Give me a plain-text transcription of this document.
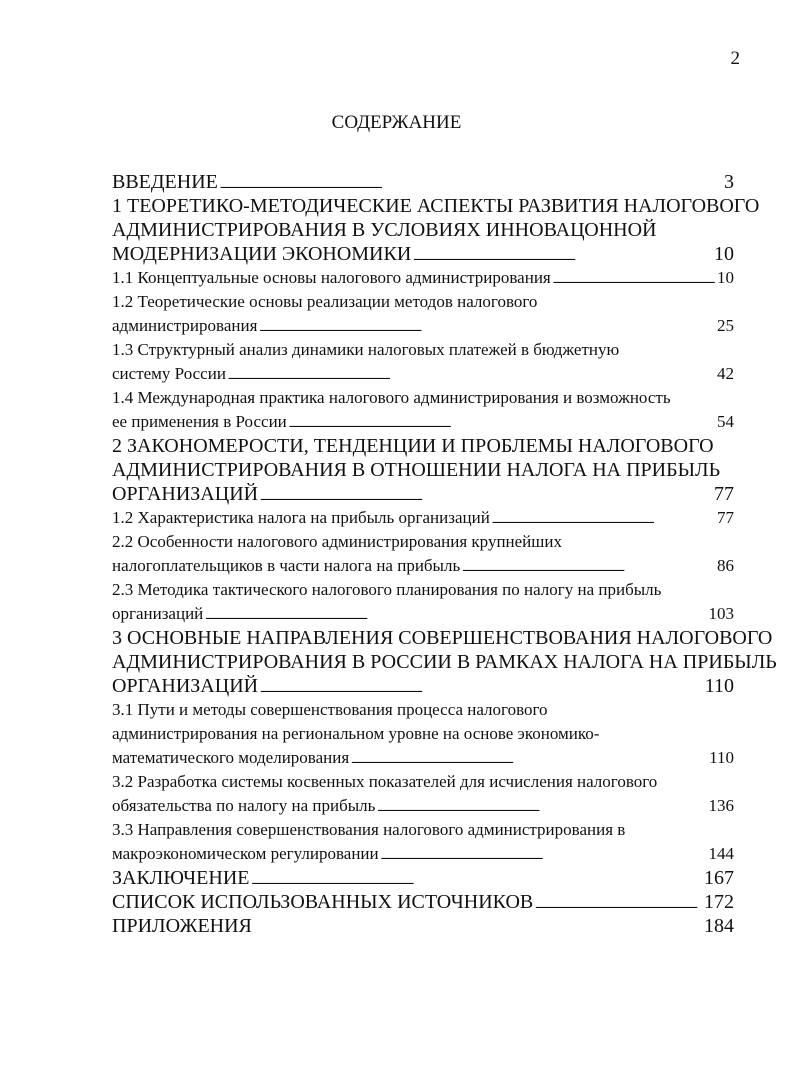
2
СОДЕРЖАНИЕ
ВВЕДЕНИЕ . . .	3
1 ТЕОРЕТИКО-МЕТОДИЧЕСКИЕ АСПЕКТЫ РАЗВИТИЯ НАЛОГОВОГО
АДМИНИСТРИРОВАНИЯ В УСЛОВИЯХ ИННОВАЦОННОЙ
МОДЕРНИЗАЦИИ ЭКОНОМИКИ . . .	10
1.1 Концептуальные основы налогового администрирования . . .	10
1.2 Теоретические основы реализации методов налогового
администрирования . . .	25
1.3 Структурный анализ динамики налоговых платежей в бюджетную
систему России . . .	42
1.4 Международная практика налогового администрирования и возможность
ее применения в России . . .	54
2 ЗАКОНОМЕРОСТИ, ТЕНДЕНЦИИ И ПРОБЛЕМЫ НАЛОГОВОГО
АДМИНИСТРИРОВАНИЯ В ОТНОШЕНИИ НАЛОГА НА ПРИБЫЛЬ
ОРГАНИЗАЦИЙ . . .	77
1.2 Характеристика налога на прибыль организаций . . .	77
2.2 Особенности налогового администрирования крупнейших
налогоплательщиков в части налога на прибыль . . .	86
2.3 Методика тактического налогового планирования по налогу на прибыль
организаций . . .	103
3 ОСНОВНЫЕ НАПРАВЛЕНИЯ СОВЕРШЕНСТВОВАНИЯ НАЛОГОВОГО
АДМИНИСТРИРОВАНИЯ В РОССИИ В РАМКАХ НАЛОГА НА ПРИБЫЛЬ
ОРГАНИЗАЦИЙ . . .	110
3.1 Пути и методы совершенствования процесса налогового
администрирования на региональном уровне на основе экономико-
математического моделирования . . .	110
3.2 Разработка системы косвенных показателей для исчисления налогового
обязательства по налогу на прибыль . . .	136
3.3 Направления совершенствования налогового администрирования в
макроэкономическом регулировании . . .	144
ЗАКЛЮЧЕНИЕ . . .	167
СПИСОК ИСПОЛЬЗОВАННЫХ ИСТОЧНИКОВ . . .	172
ПРИЛОЖЕНИЯ	184
